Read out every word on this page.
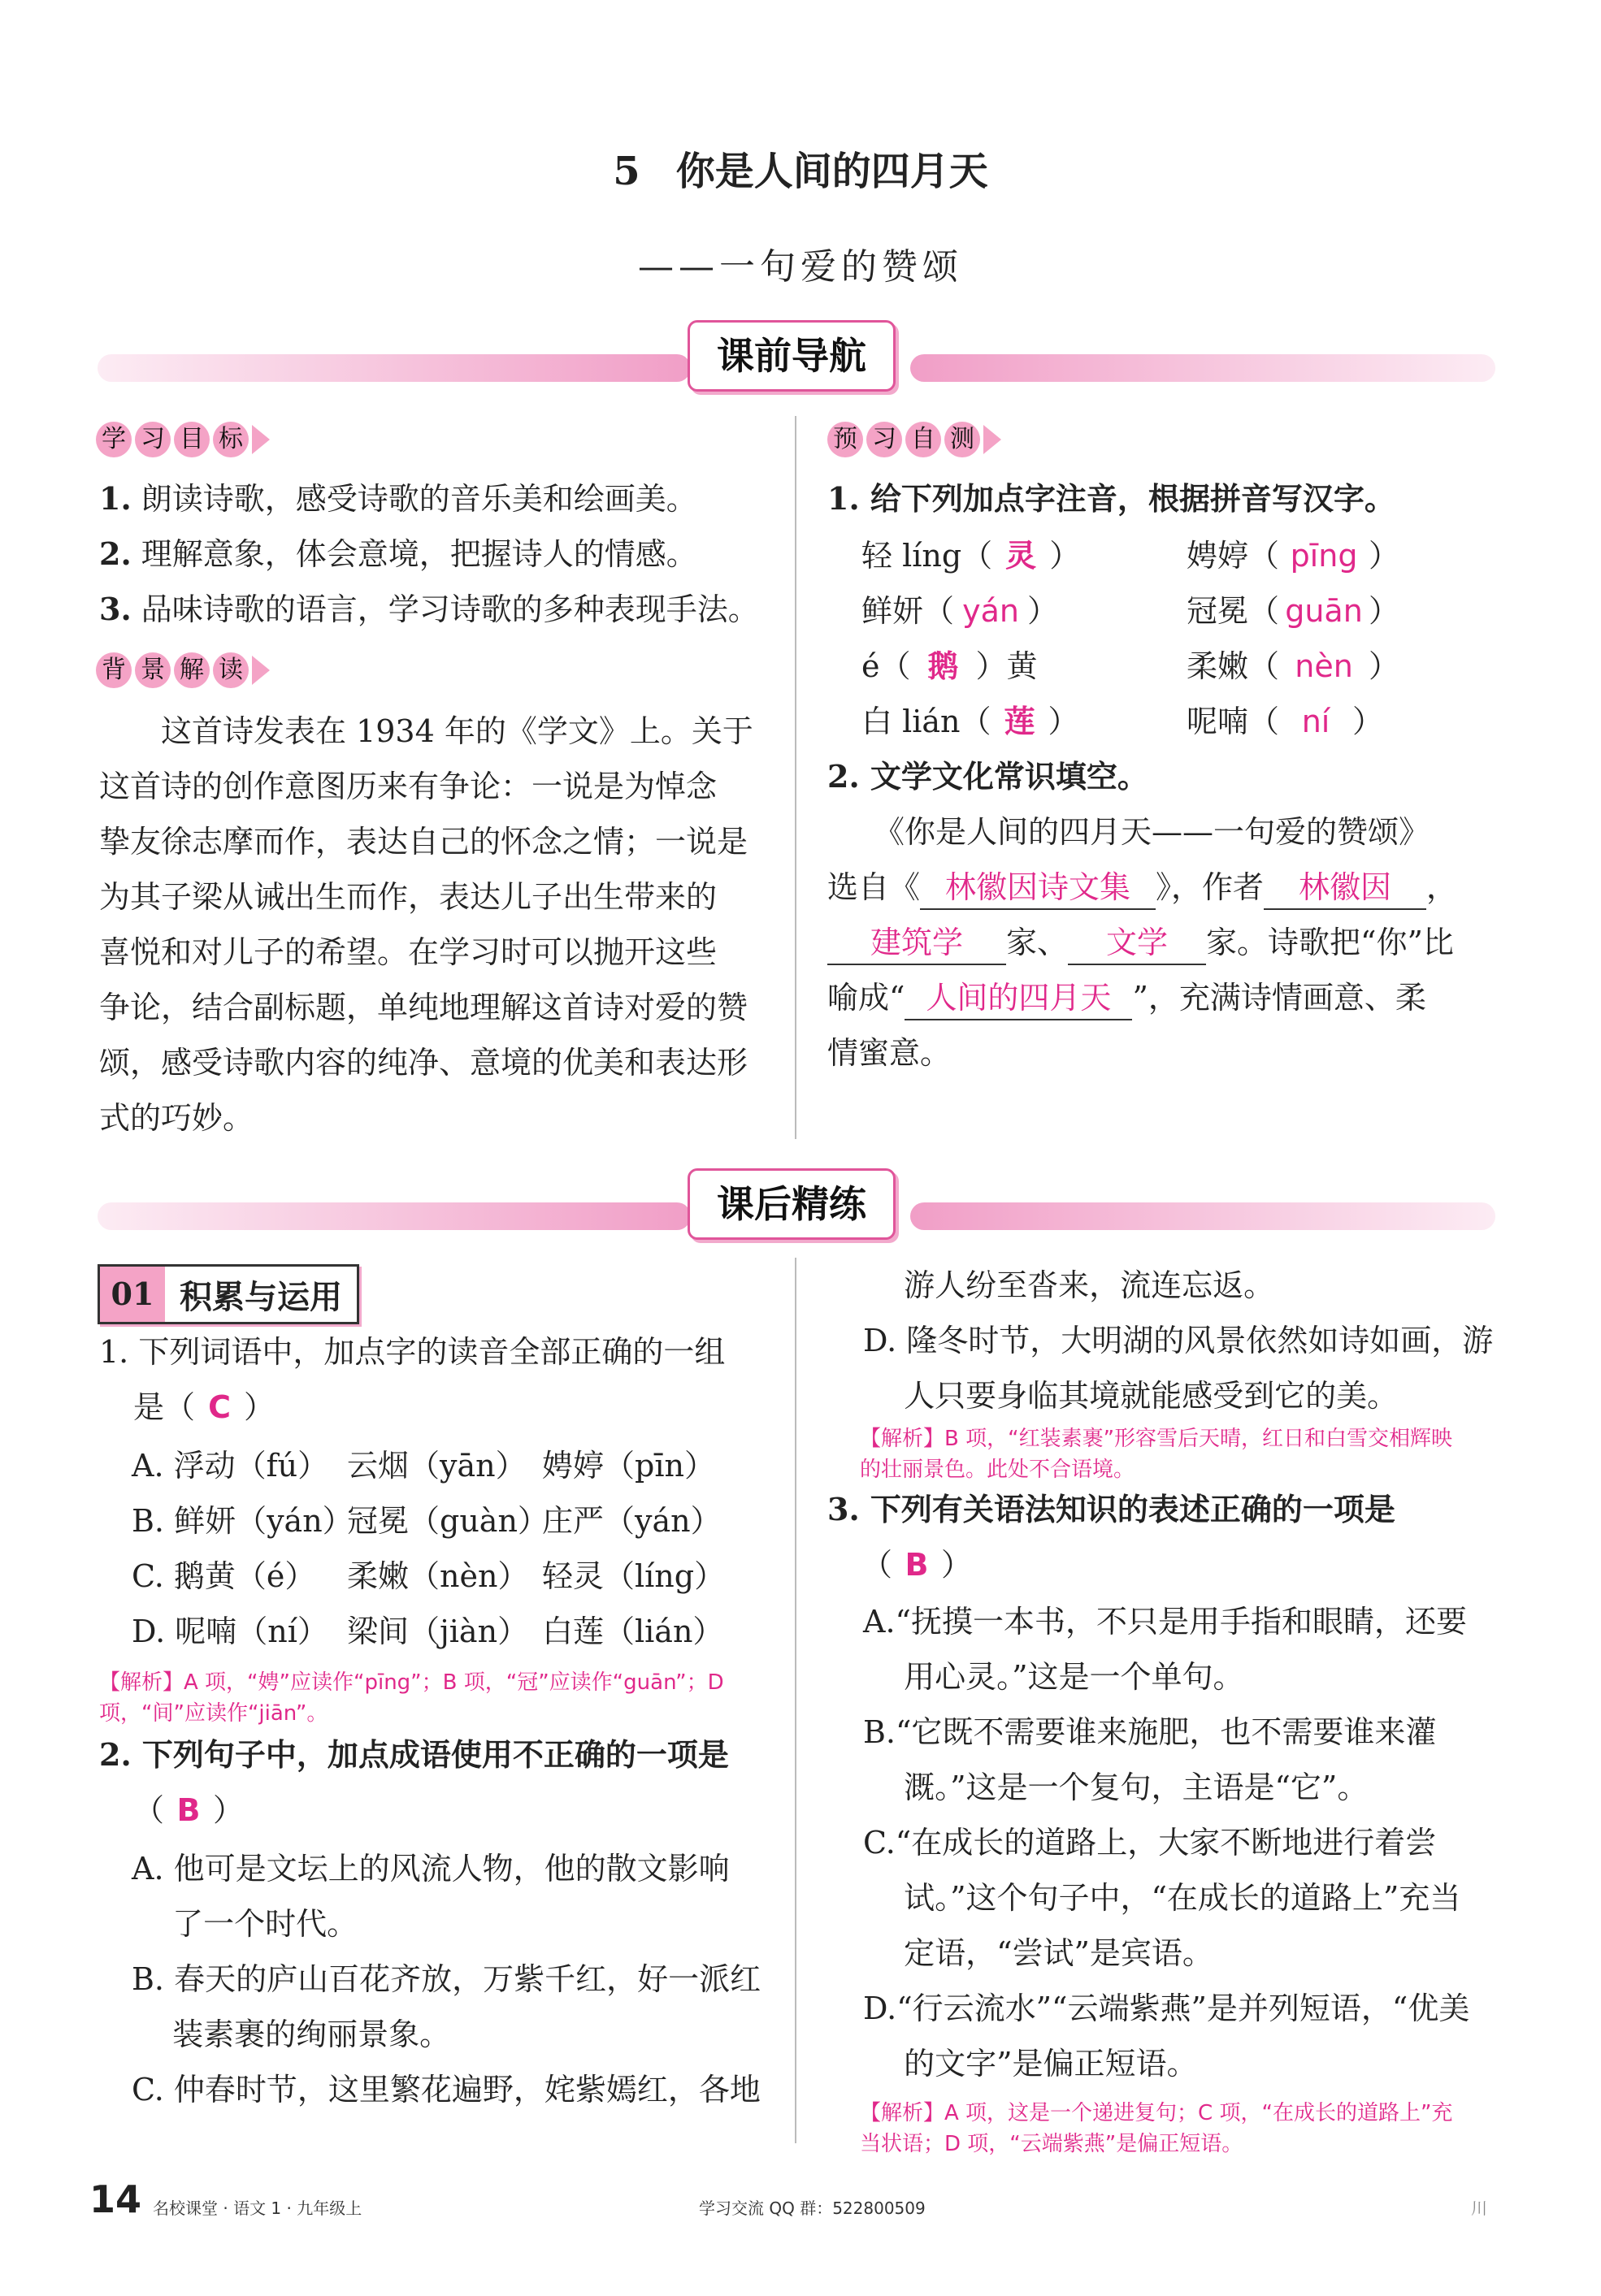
5 你是人间的四月天
——一句爱的赞颂
课前导航
学 习 目 标
1. 朗读诗歌，感受诗歌的音乐美和绘画美。
2. 理解意象，体会意境，把握诗人的情感。
3. 品味诗歌的语言，学习诗歌的多种表现手法。
背 景 解 读
　　这首诗发表在 1934 年的《学文》上。关于
这首诗的创作意图历来有争论：一说是为悼念
挚友徐志摩而作，表达自己的怀念之情；一说是
为其子梁从诫出生而作，表达儿子出生带来的
喜悦和对儿子的希望。在学习时可以抛开这些
争论，结合副标题，单纯地理解这首诗对爱的赞
颂，感受诗歌内容的纯净、意境的优美和表达形
式的巧妙。
预 习 自 测
1. 给下列加点字注音，根据拼音写汉字。
轻 líng（ 灵 ）	娉婷（ pīng ）
鲜妍（ yán ）	冠冕（ guān ）
é（ 鹅 ）黄	柔嫩（ nèn ）
白 lián（ 莲 ）	呢喃（ ní ）
2. 文学文化常识填空。
　　《你是人间的四月天——一句爱的赞颂》
选自《 林徽因诗文集 》，作者 林徽因 ，
建筑学 家、 文学 家。诗歌把“你”比
喻成“ 人间的四月天 ”，充满诗情画意、柔
情蜜意。
课后精练
01 积累与运用
1. 下列词语中，加点字的读音全部正确的一组
是（ C ）
A. 浮动（fú） 云烟（yān） 娉婷（pīn）
B. 鲜妍（yán）冠冕（guàn）庄严（yán）
C. 鹅黄（é） 柔嫩（nèn） 轻灵（líng）
D. 呢喃（ní） 梁间（jiàn） 白莲（lián）
【解析】A 项，“娉”应读作“pīng”；B 项，“冠”应读作“guān”；D
项，“间”应读作“jiān”。
2. 下列句子中，加点成语使用不正确的一项是
（ B ）
A. 他可是文坛上的风流人物，他的散文影响
　 了一个时代。
B. 春天的庐山百花齐放，万紫千红，好一派红
　 装素裹的绚丽景象。
C. 仲春时节，这里繁花遍野，姹紫嫣红，各地
　 游人纷至沓来，流连忘返。
D. 隆冬时节，大明湖的风景依然如诗如画，游
　 人只要身临其境就能感受到它的美。
【解析】B 项，“红装素裹”形容雪后天晴，红日和白雪交相辉映
的壮丽景色。此处不合语境。
3. 下列有关语法知识的表述正确的一项是
（ B ）
A.“抚摸一本书，不只是用手指和眼睛，还要
　 用心灵。”这是一个单句。
B.“它既不需要谁来施肥，也不需要谁来灌
　 溉。”这是一个复句，主语是“它”。
C.“在成长的道路上，大家不断地进行着尝
　 试。”这个句子中，“在成长的道路上”充当
　 定语，“尝试”是宾语。
D.“行云流水”“云端紫燕”是并列短语，“优美
　 的文字”是偏正短语。
【解析】A 项，这是一个递进复句；C 项，“在成长的道路上”充
当状语；D 项，“云端紫燕”是偏正短语。
14 名校课堂 · 语文 1 · 九年级上	学习交流 QQ 群：522800509	川
